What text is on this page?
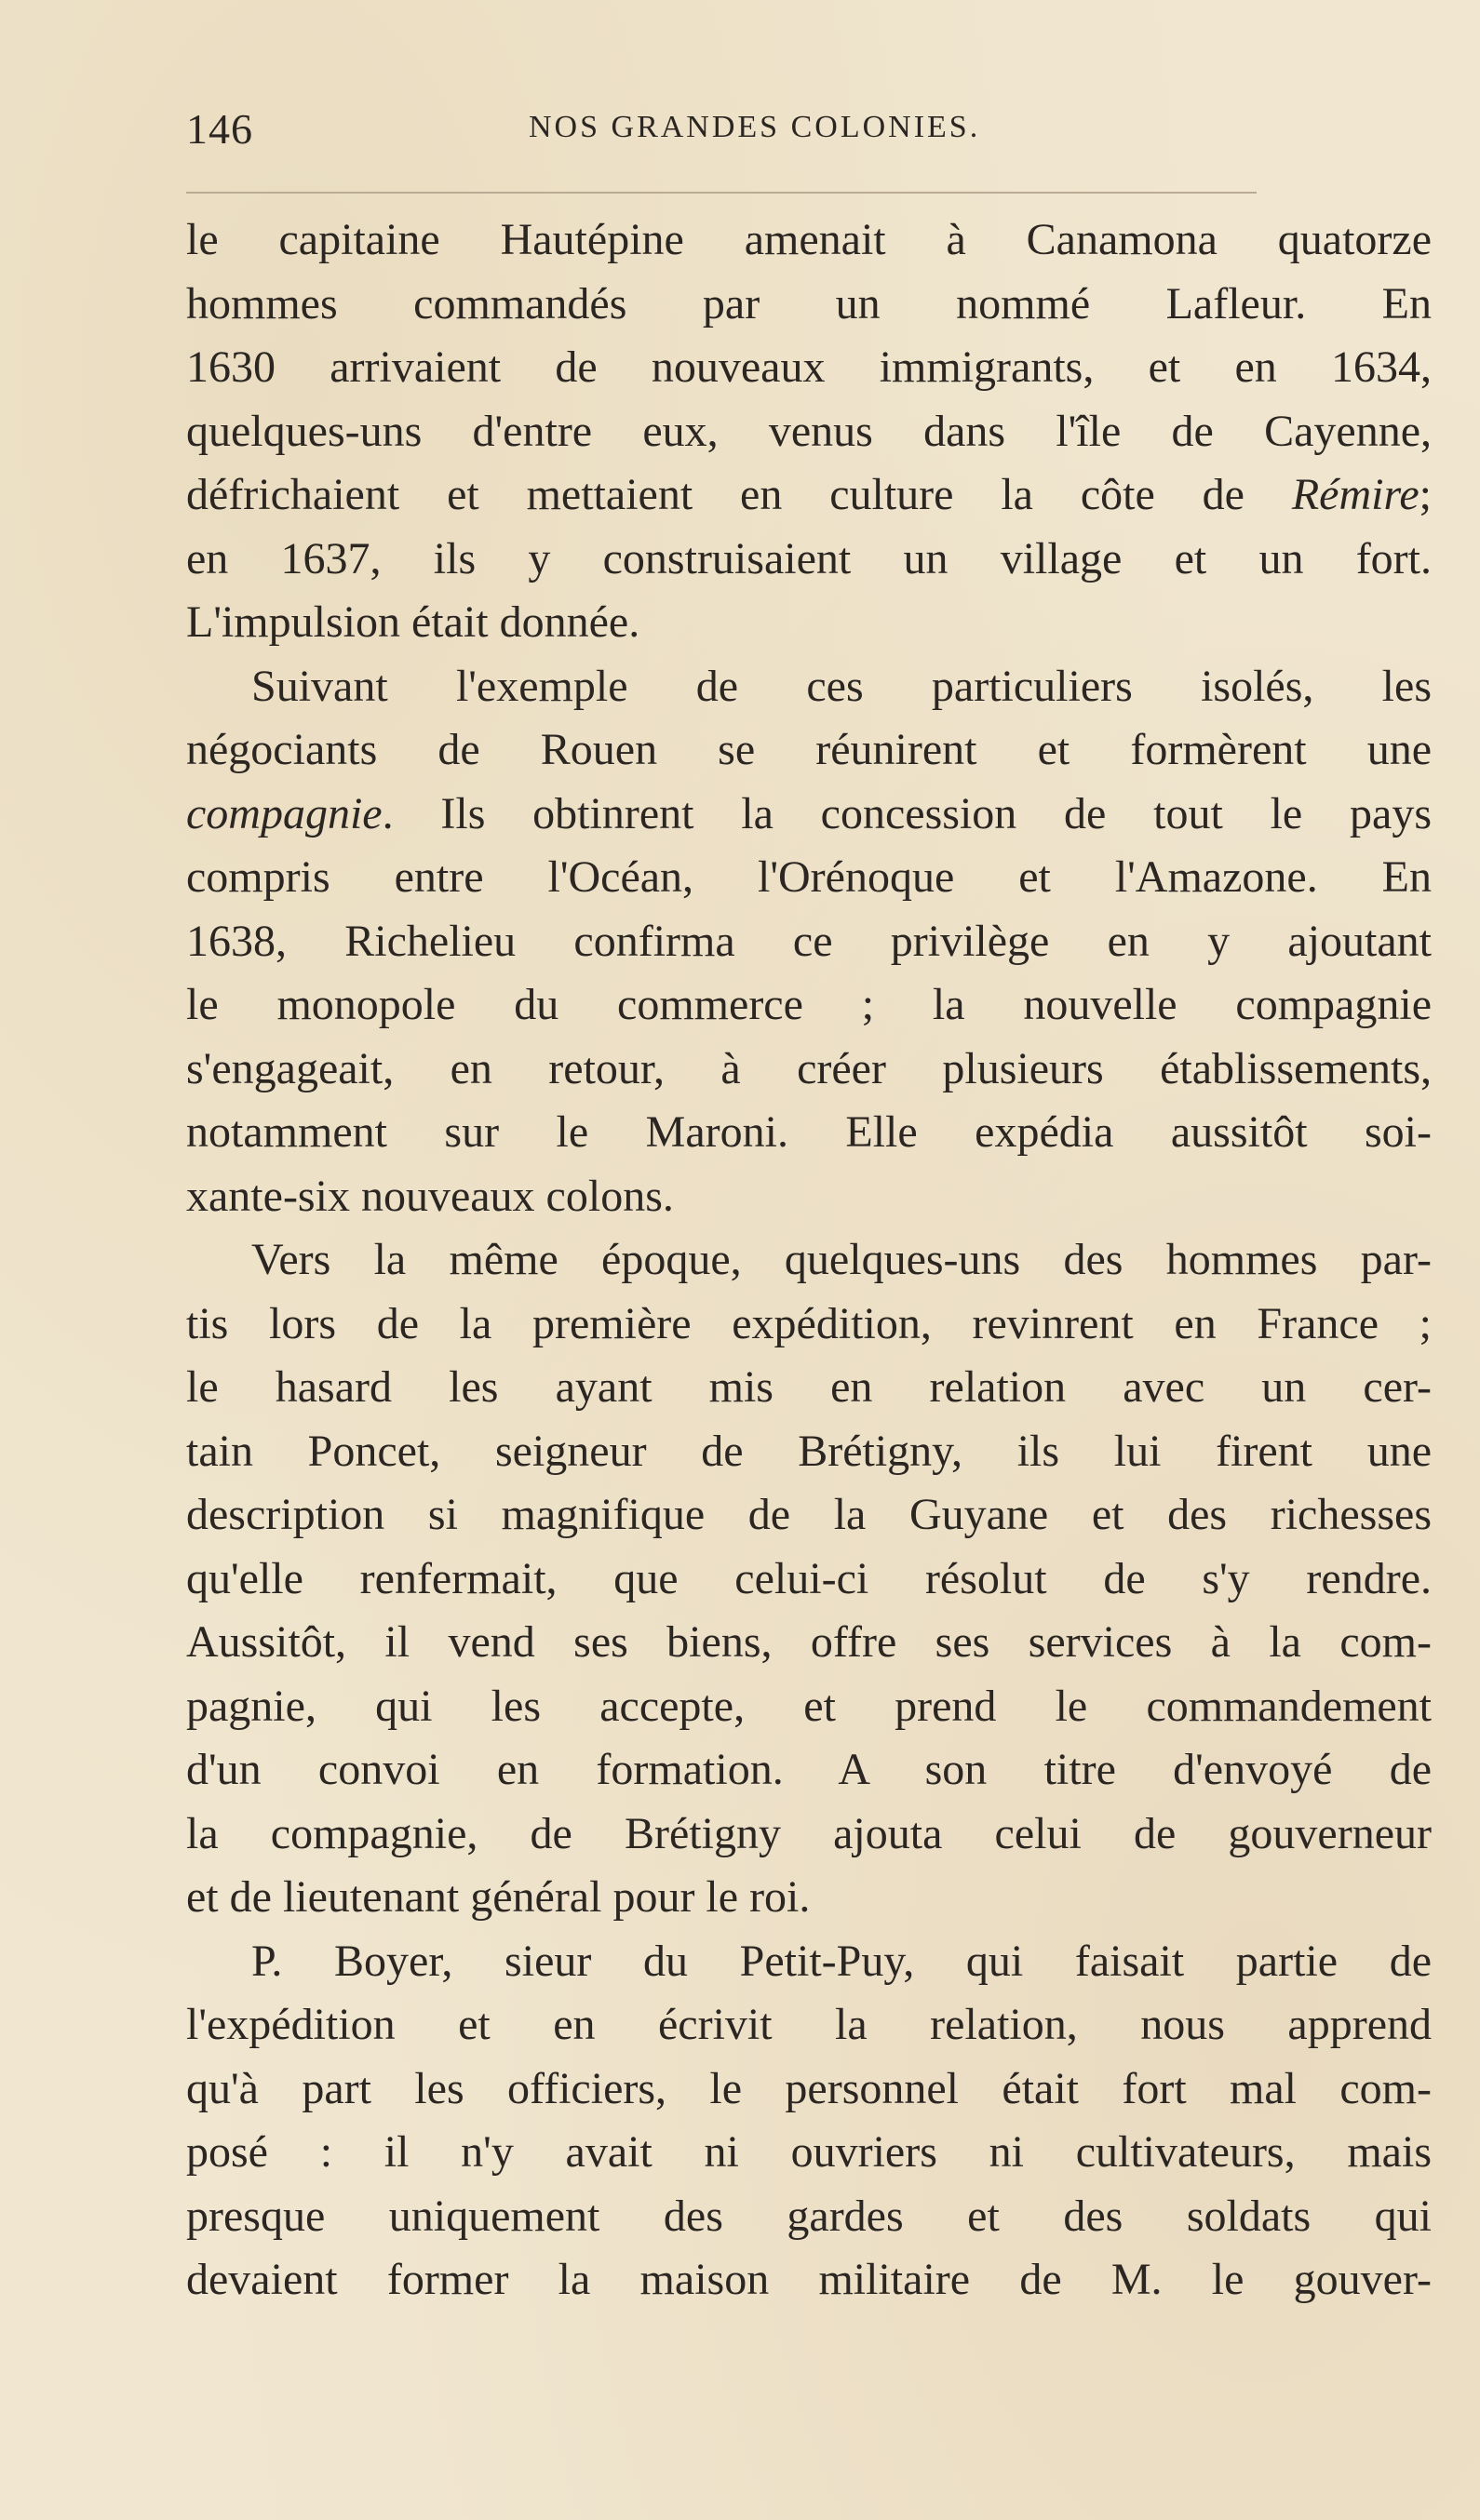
146	NOS GRANDES COLONIES.
le capitaine Hautépine amenait à Canamona quatorze
hommes commandés par un nommé Lafleur. En
1630 arrivaient de nouveaux immigrants, et en 1634,
quelques-uns d'entre eux, venus dans l'île de Cayenne,
défrichaient et mettaient en culture la côte de Rémire;
en 1637, ils y construisaient un village et un fort.
L'impulsion était donnée.
Suivant l'exemple de ces particuliers isolés, les
négociants de Rouen se réunirent et formèrent une
compagnie. Ils obtinrent la concession de tout le pays
compris entre l'Océan, l'Orénoque et l'Amazone. En
1638, Richelieu confirma ce privilège en y ajoutant
le monopole du commerce ; la nouvelle compagnie
s'engageait, en retour, à créer plusieurs établissements,
notamment sur le Maroni. Elle expédia aussitôt soi-
xante-six nouveaux colons.
Vers la même époque, quelques-uns des hommes par-
tis lors de la première expédition, revinrent en France ;
le hasard les ayant mis en relation avec un cer-
tain Poncet, seigneur de Brétigny, ils lui firent une
description si magnifique de la Guyane et des richesses
qu'elle renfermait, que celui-ci résolut de s'y rendre.
Aussitôt, il vend ses biens, offre ses services à la com-
pagnie, qui les accepte, et prend le commandement
d'un convoi en formation. A son titre d'envoyé de
la compagnie, de Brétigny ajouta celui de gouverneur
et de lieutenant général pour le roi.
P. Boyer, sieur du Petit-Puy, qui faisait partie de
l'expédition et en écrivit la relation, nous apprend
qu'à part les officiers, le personnel était fort mal com-
posé : il n'y avait ni ouvriers ni cultivateurs, mais
presque uniquement des gardes et des soldats qui
devaient former la maison militaire de M. le gouver-
